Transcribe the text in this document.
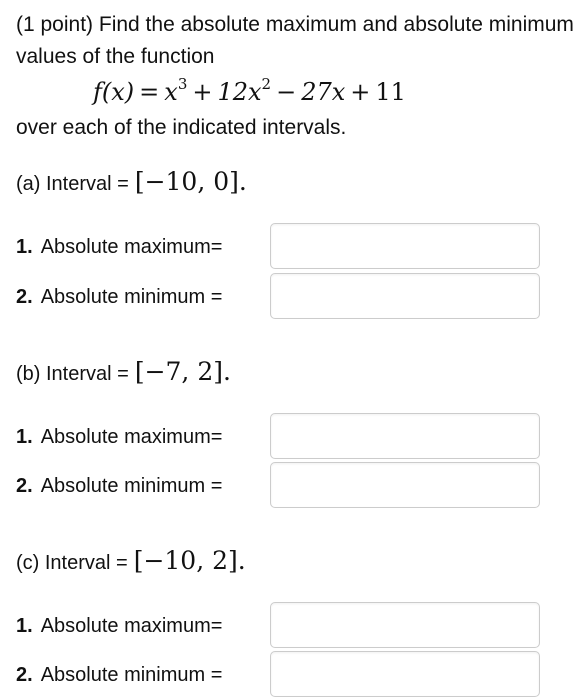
(1 point) Find the absolute maximum and absolute minimum values of the function
$f(x) = x^3 + 12x^2 - 27x + 11$
over each of the indicated intervals.
(a) Interval = [−10, 0].
1. Absolute maximum=
2. Absolute minimum =
(b) Interval = [−7, 2].
1. Absolute maximum=
2. Absolute minimum =
(c) Interval = [−10, 2].
1. Absolute maximum=
2. Absolute minimum =
